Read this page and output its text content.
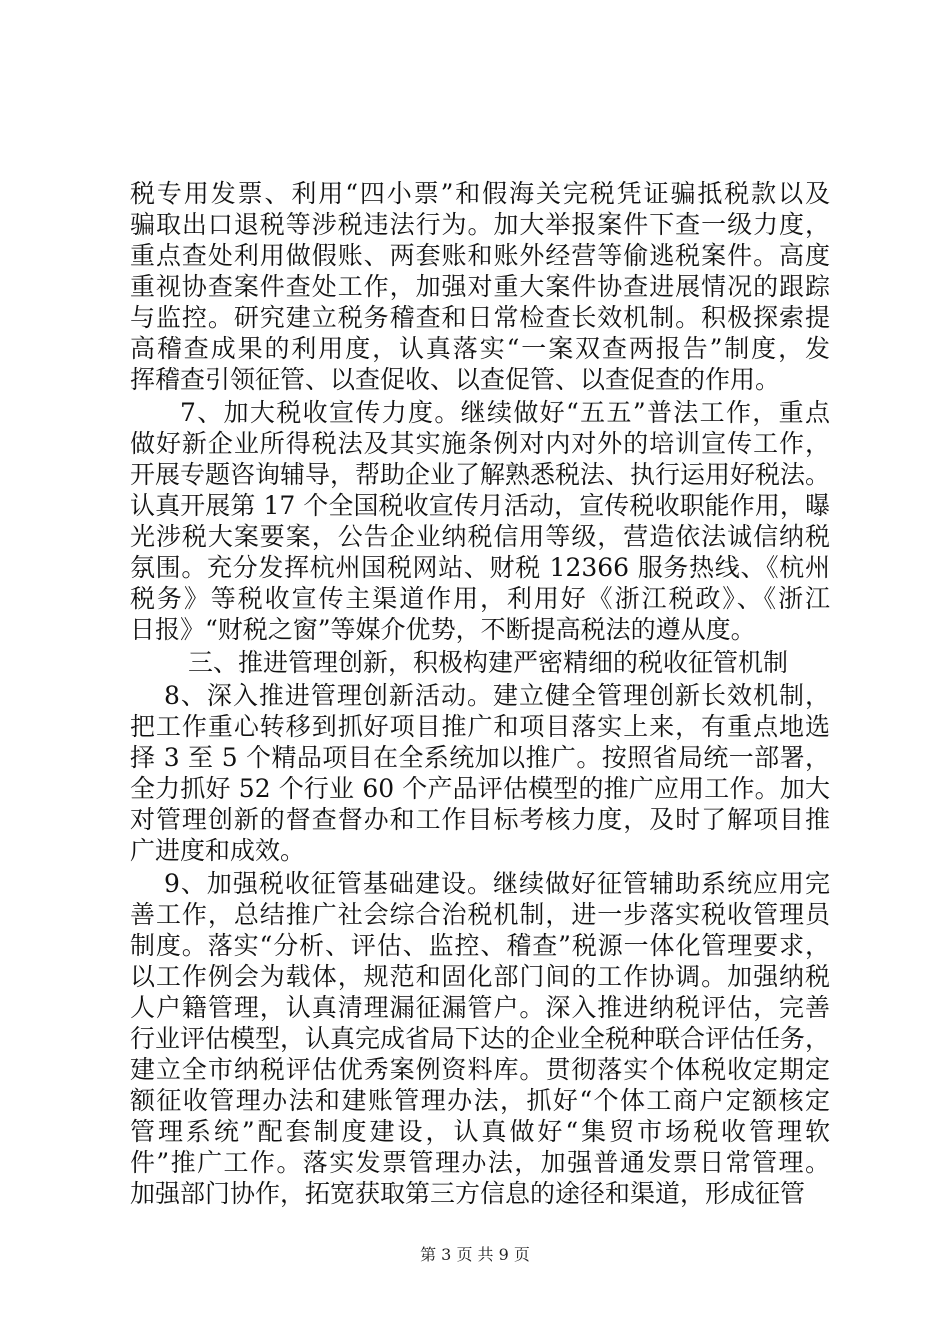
税专用发票、利用“四小票”和假海关完税凭证骗抵税款以及
骗取出口退税等涉税违法行为。加大举报案件下查一级力度，
重点查处利用做假账、两套账和账外经营等偷逃税案件。高度
重视协查案件查处工作，加强对重大案件协查进展情况的跟踪
与监控。研究建立税务稽查和日常检查长效机制。积极探索提
高稽查成果的利用度，认真落实“一案双查两报告”制度，发
挥稽查引领征管、以查促收、以查促管、以查促查的作用。
7、加大税收宣传力度。继续做好“五五”普法工作，重点
做好新企业所得税法及其实施条例对内对外的培训宣传工作，
开展专题咨询辅导，帮助企业了解熟悉税法、执行运用好税法。
认真开展第 17 个全国税收宣传月活动，宣传税收职能作用，曝
光涉税大案要案，公告企业纳税信用等级，营造依法诚信纳税
氛围。充分发挥杭州国税网站、财税 12366 服务热线、《杭州
税务》等税收宣传主渠道作用，利用好《浙江税政》、《浙江
日报》“财税之窗”等媒介优势，不断提高税法的遵从度。
三、推进管理创新，积极构建严密精细的税收征管机制
8、深入推进管理创新活动。建立健全管理创新长效机制，
把工作重心转移到抓好项目推广和项目落实上来，有重点地选
择 3 至 5 个精品项目在全系统加以推广。按照省局统一部署，
全力抓好 52 个行业 60 个产品评估模型的推广应用工作。加大
对管理创新的督查督办和工作目标考核力度，及时了解项目推
广进度和成效。
9、加强税收征管基础建设。继续做好征管辅助系统应用完
善工作，总结推广社会综合治税机制，进一步落实税收管理员
制度。落实“分析、评估、监控、稽查”税源一体化管理要求，
以工作例会为载体，规范和固化部门间的工作协调。加强纳税
人户籍管理，认真清理漏征漏管户。深入推进纳税评估，完善
行业评估模型，认真完成省局下达的企业全税种联合评估任务，
建立全市纳税评估优秀案例资料库。贯彻落实个体税收定期定
额征收管理办法和建账管理办法，抓好“个体工商户定额核定
管理系统”配套制度建设，认真做好“集贸市场税收管理软
件”推广工作。落实发票管理办法，加强普通发票日常管理。
加强部门协作，拓宽获取第三方信息的途径和渠道，形成征管
第 3 页 共 9 页
